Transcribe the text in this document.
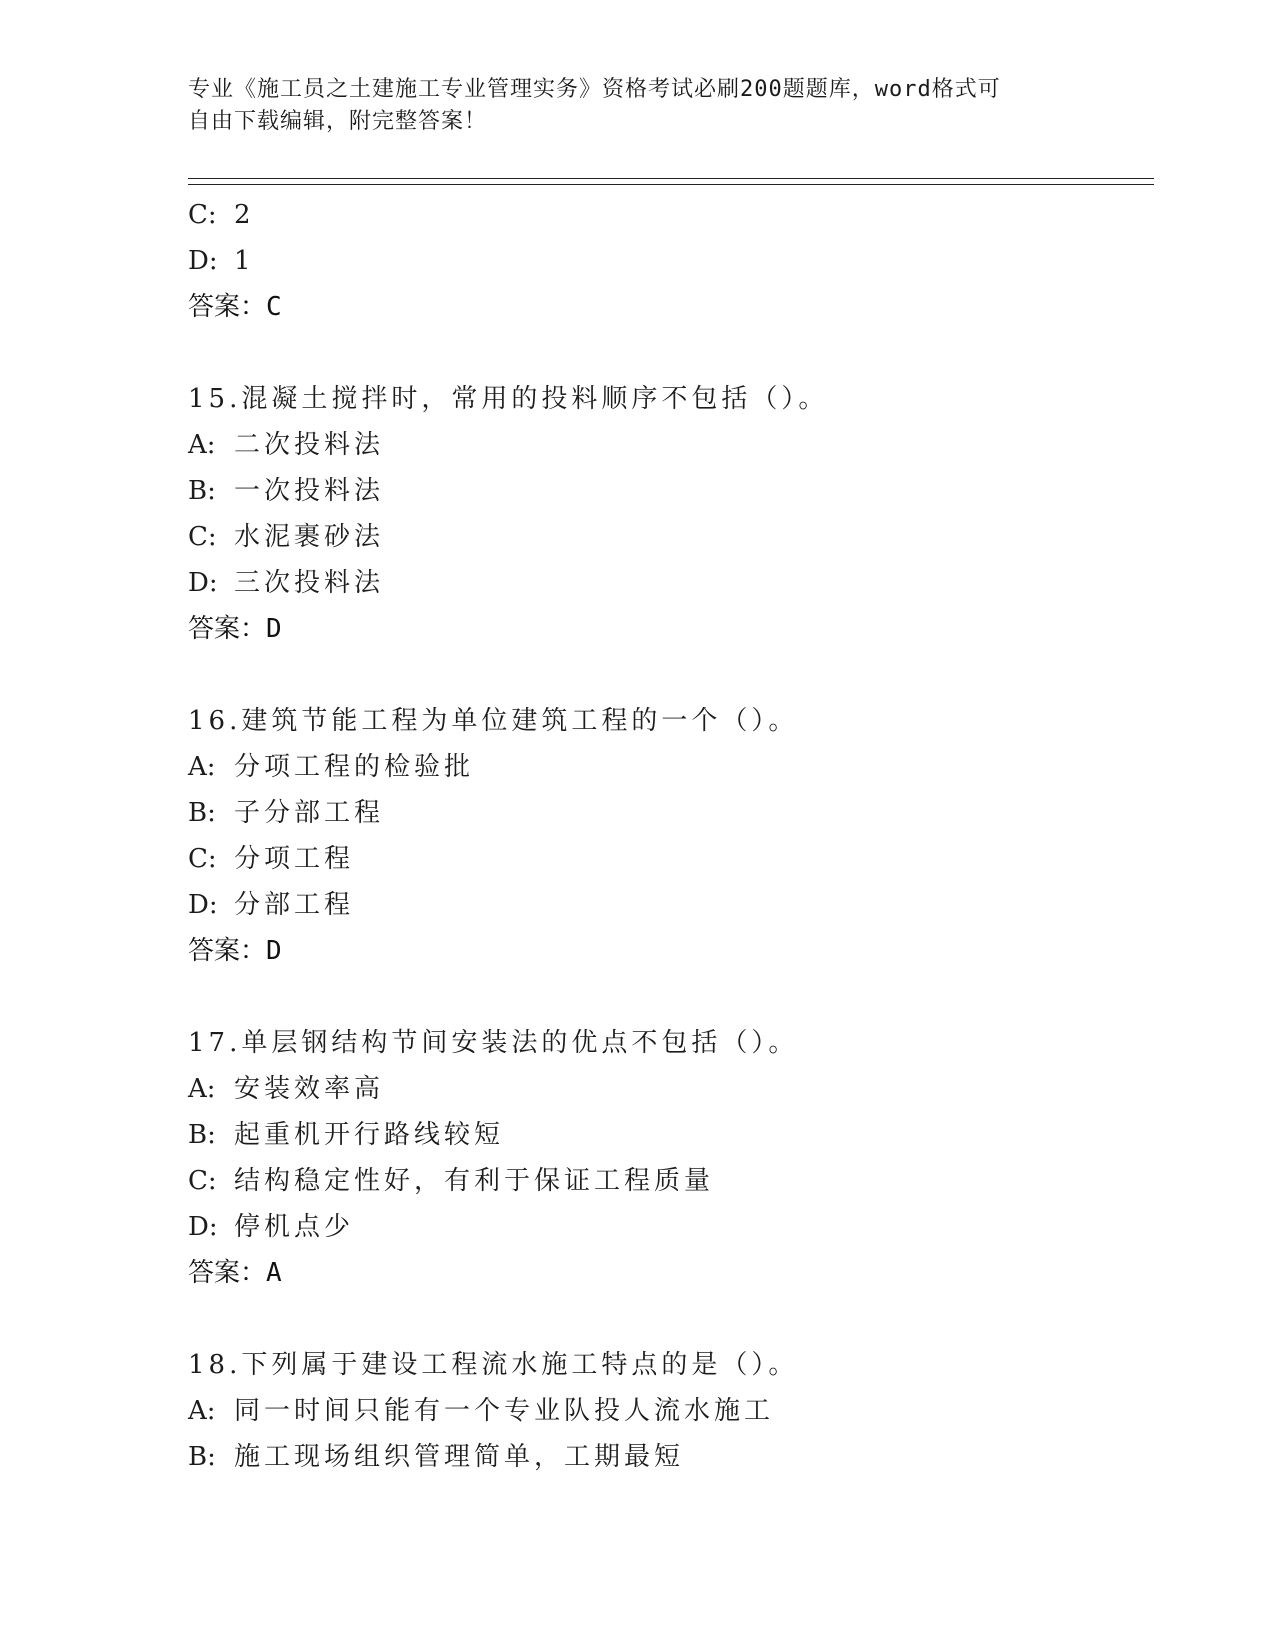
专业《施工员之土建施工专业管理实务》资格考试必刷200题题库，word格式可
自由下载编辑，附完整答案！
C: 2
D: 1
答案：C
15.混凝土搅拌时，常用的投料顺序不包括（）。
A: 二次投料法
B: 一次投料法
C: 水泥裹砂法
D: 三次投料法
答案：D
16.建筑节能工程为单位建筑工程的一个（）。
A: 分项工程的检验批
B: 子分部工程
C: 分项工程
D: 分部工程
答案：D
17.单层钢结构节间安装法的优点不包括（）。
A: 安装效率高
B: 起重机开行路线较短
C: 结构稳定性好，有利于保证工程质量
D: 停机点少
答案：A
18.下列属于建设工程流水施工特点的是（）。
A: 同一时间只能有一个专业队投人流水施工
B: 施工现场组织管理简单，工期最短
